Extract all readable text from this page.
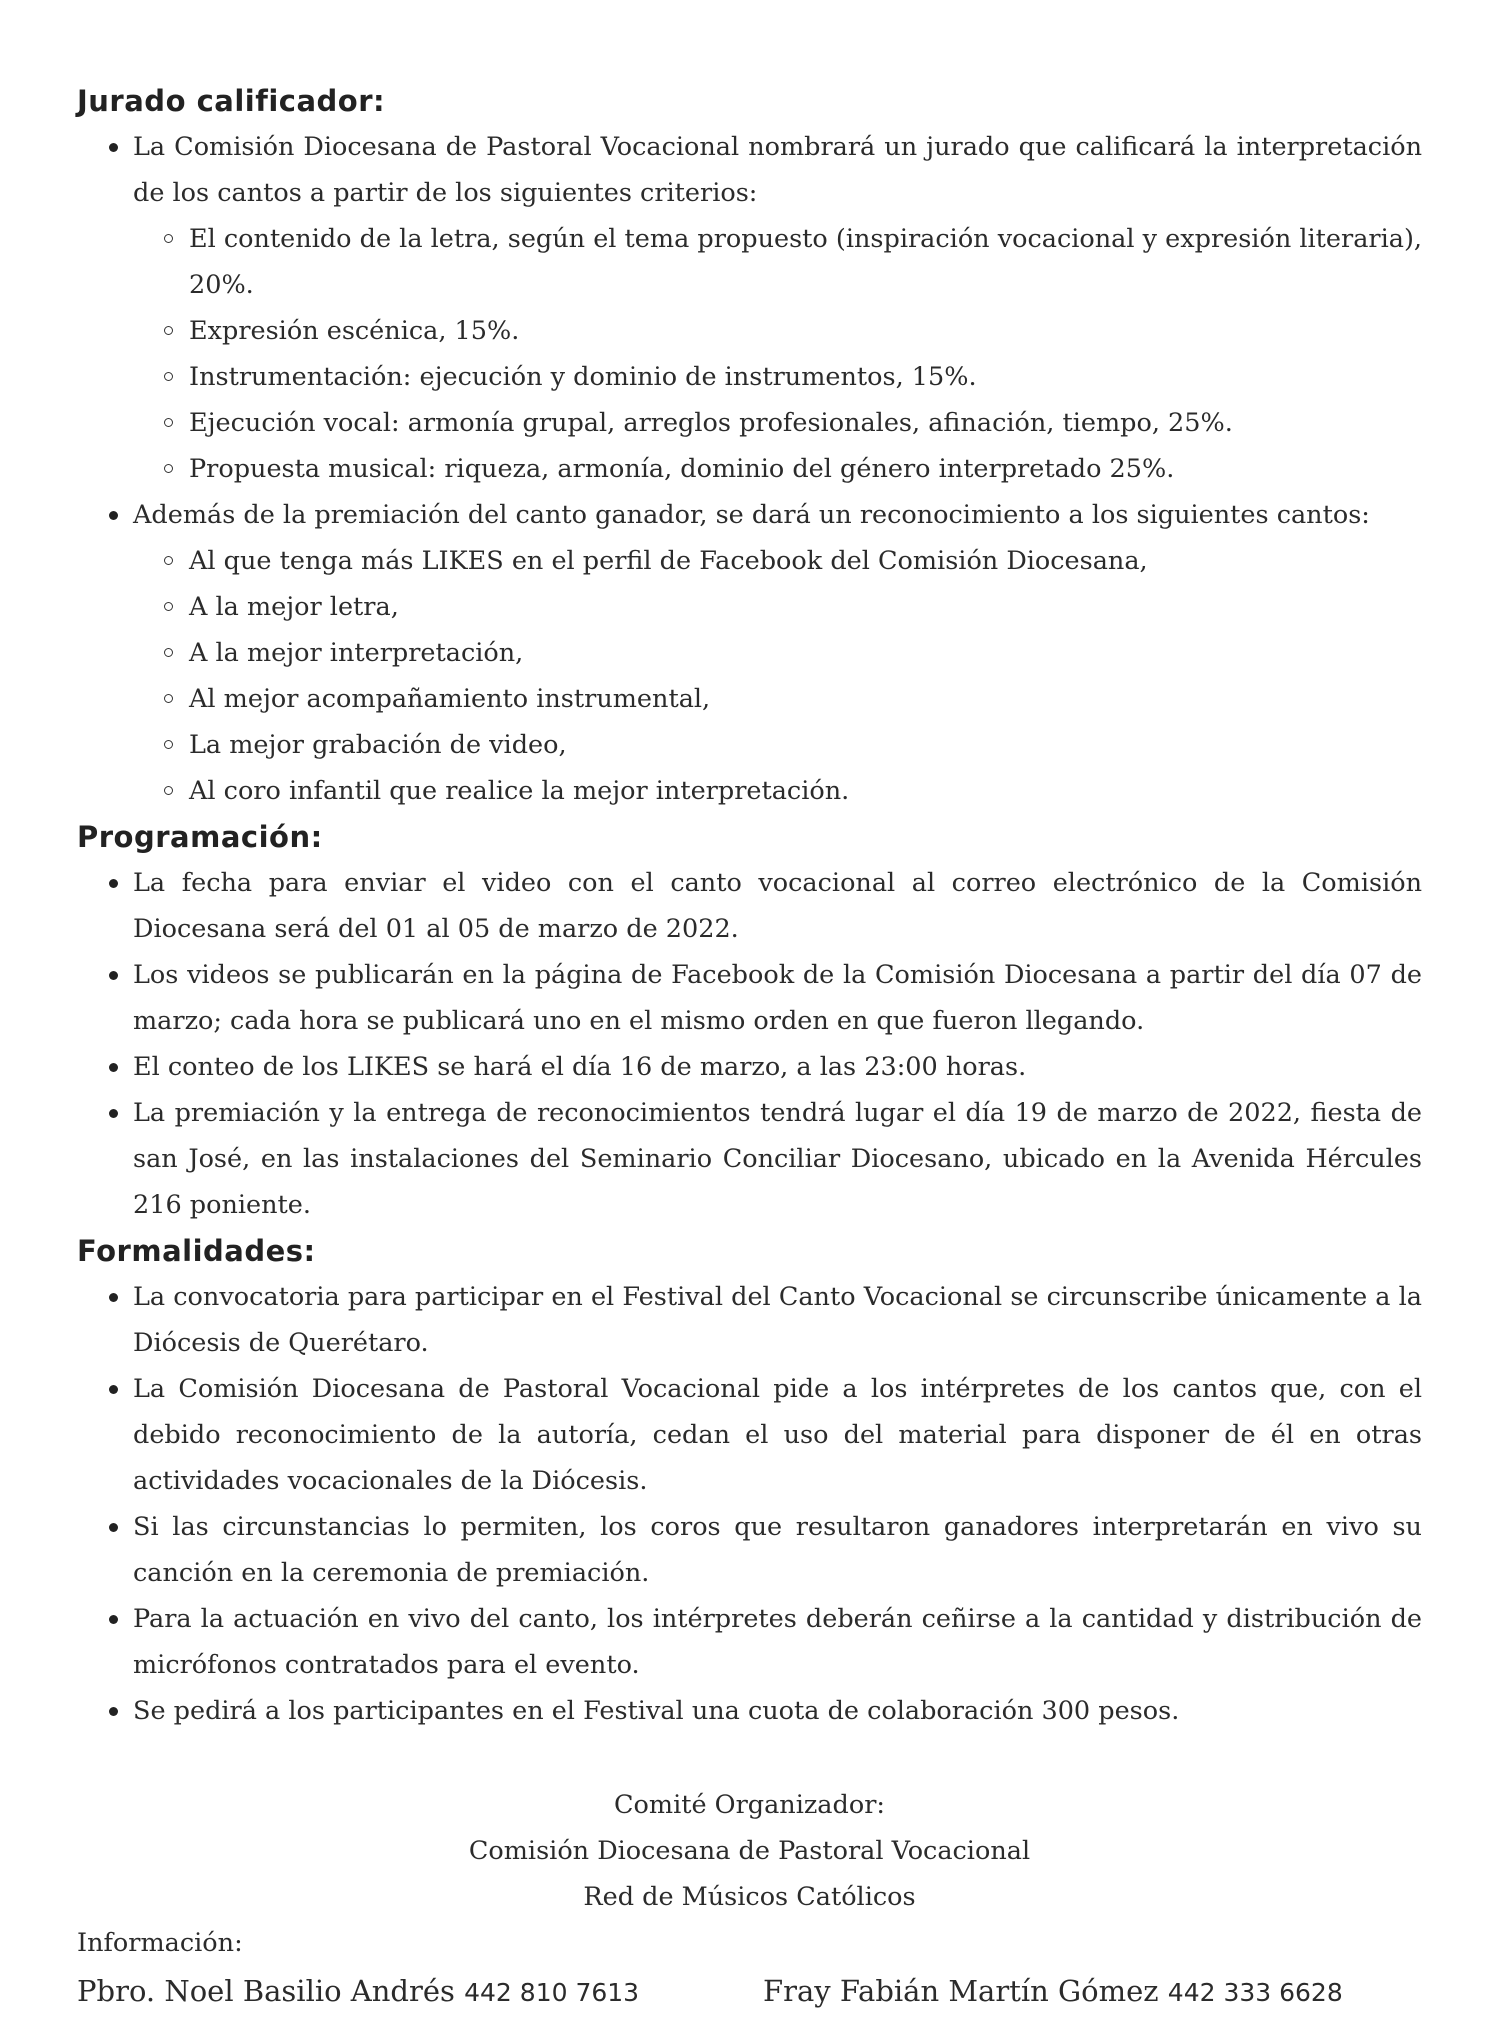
Jurado calificador:
La Comisión Diocesana de Pastoral Vocacional nombrará un jurado que calificará la interpretación de los cantos a partir de los siguientes criterios:
El contenido de la letra, según el tema propuesto (inspiración vocacional y expresión literaria), 20%.
Expresión escénica, 15%.
Instrumentación: ejecución y dominio de instrumentos, 15%.
Ejecución vocal: armonía grupal, arreglos profesionales, afinación, tiempo, 25%.
Propuesta musical: riqueza, armonía, dominio del género interpretado 25%.
Además de la premiación del canto ganador, se dará un reconocimiento a los siguientes cantos:
Al que tenga más LIKES en el perfil de Facebook del Comisión Diocesana,
A la mejor letra,
A la mejor interpretación,
Al mejor acompañamiento instrumental,
La mejor grabación de video,
Al coro infantil que realice la mejor interpretación.
Programación:
La fecha para enviar el video con el canto vocacional al correo electrónico de la Comisión Diocesana será del 01 al 05 de marzo de 2022.
Los videos se publicarán en la página de Facebook de la Comisión Diocesana a partir del día 07 de marzo; cada hora se publicará uno en el mismo orden en que fueron llegando.
El conteo de los LIKES se hará el día 16 de marzo, a las 23:00 horas.
La premiación y la entrega de reconocimientos tendrá lugar el día 19 de marzo de 2022, fiesta de san José, en las instalaciones del Seminario Conciliar Diocesano, ubicado en la Avenida Hércules 216 poniente.
Formalidades:
La convocatoria para participar en el Festival del Canto Vocacional se circunscribe únicamente a la Diócesis de Querétaro.
La Comisión Diocesana de Pastoral Vocacional pide a los intérpretes de los cantos que, con el debido reconocimiento de la autoría, cedan el uso del material para disponer de él en otras actividades vocacionales de la Diócesis.
Si las circunstancias lo permiten, los coros que resultaron ganadores interpretarán en vivo su canción en la ceremonia de premiación.
Para la actuación en vivo del canto, los intérpretes deberán ceñirse a la cantidad y distribución de micrófonos contratados para el evento.
Se pedirá a los participantes en el Festival una cuota de colaboración 300 pesos.
Comité Organizador:
Comisión Diocesana de Pastoral Vocacional
Red de Músicos Católicos
Información:
Pbro. Noel Basilio Andrés 442 810 7613	Fray Fabián Martín Gómez 442 333 6628
